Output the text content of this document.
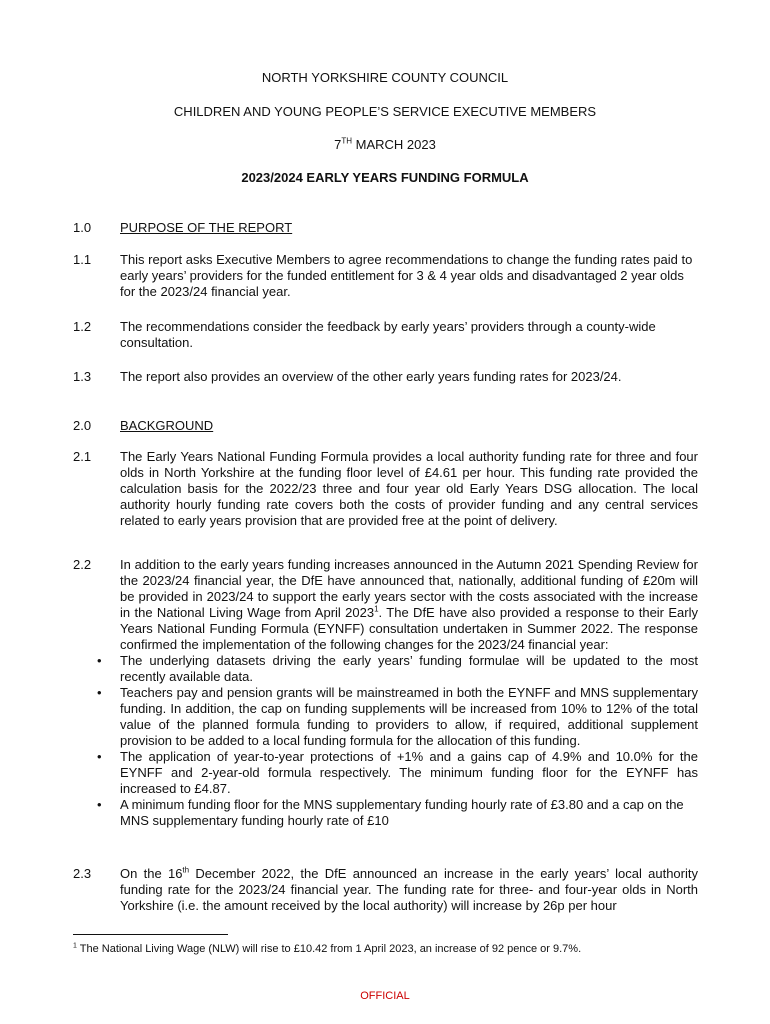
NORTH YORKSHIRE COUNTY COUNCIL
CHILDREN AND YOUNG PEOPLE’S SERVICE EXECUTIVE MEMBERS
7TH MARCH 2023
2023/2024 EARLY YEARS FUNDING FORMULA
1.0	PURPOSE OF THE REPORT
1.1	This report asks Executive Members to agree recommendations to change the funding rates paid to early years’ providers for the funded entitlement for 3 & 4 year olds and disadvantaged 2 year olds for the 2023/24 financial year.
1.2	The recommendations consider the feedback by early years’ providers through a county-wide consultation.
1.3	The report also provides an overview of the other early years funding rates for 2023/24.
2.0	BACKGROUND
2.1	The Early Years National Funding Formula provides a local authority funding rate for three and four olds in North Yorkshire at the funding floor level of £4.61 per hour. This funding rate provided the calculation basis for the 2022/23 three and four year old Early Years DSG allocation. The local authority hourly funding rate covers both the costs of provider funding and any central services related to early years provision that are provided free at the point of delivery.
2.2	In addition to the early years funding increases announced in the Autumn 2021 Spending Review for the 2023/24 financial year, the DfE have announced that, nationally, additional funding of £20m will be provided in 2023/24 to support the early years sector with the costs associated with the increase in the National Living Wage from April 2023$^1$. The DfE have also provided a response to their Early Years National Funding Formula (EYNFF) consultation undertaken in Summer 2022. The response confirmed the implementation of the following changes for the 2023/24 financial year:
• The underlying datasets driving the early years’ funding formulae will be updated to the most recently available data.
• Teachers pay and pension grants will be mainstreamed in both the EYNFF and MNS supplementary funding. In addition, the cap on funding supplements will be increased from 10% to 12% of the total value of the planned formula funding to providers to allow, if required, additional supplement provision to be added to a local funding formula for the allocation of this funding.
• The application of year-to-year protections of +1% and a gains cap of 4.9% and 10.0% for the EYNFF and 2-year-old formula respectively. The minimum funding floor for the EYNFF has increased to £4.87.
• A minimum funding floor for the MNS supplementary funding hourly rate of £3.80 and a cap on the MNS supplementary funding hourly rate of £10
2.3	On the 16th December 2022, the DfE announced an increase in the early years’ local authority funding rate for the 2023/24 financial year. The funding rate for three- and four-year olds in North Yorkshire (i.e. the amount received by the local authority) will increase by 26p per hour
$^1$ The National Living Wage (NLW) will rise to £10.42 from 1 April 2023, an increase of 92 pence or 9.7%.
OFFICIAL
